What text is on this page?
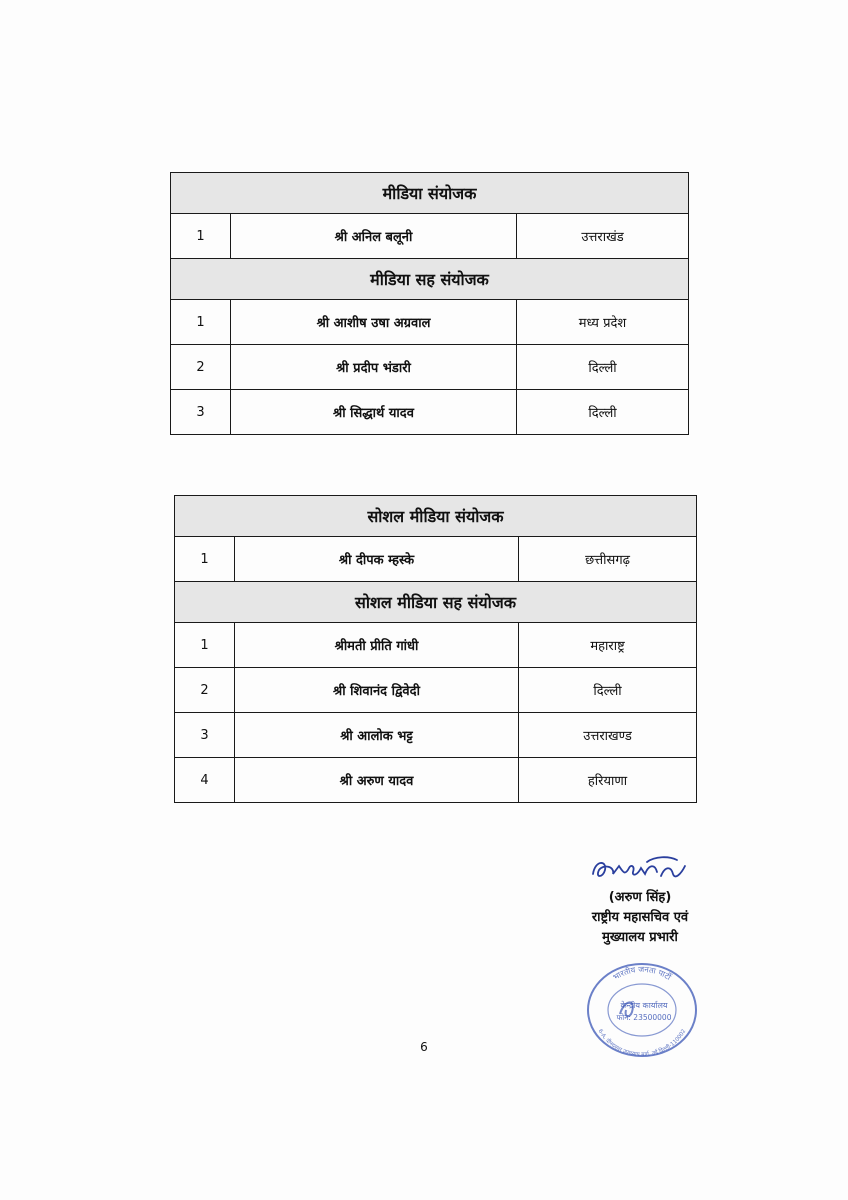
मीडिया संयोजक		
1	श्री अनिल बलूनी	उत्तराखंड
मीडिया सह संयोजक		
1	श्री आशीष उषा अग्रवाल	मध्य प्रदेश
2	श्री प्रदीप भंडारी	दिल्ली
3	श्री सिद्धार्थ यादव	दिल्ली
सोशल मीडिया संयोजक		
1	श्री दीपक म्हस्के	छत्तीसगढ़
सोशल मीडिया सह संयोजक		
1	श्रीमती प्रीति गांधी	महाराष्ट्र
2	श्री शिवानंद द्विवेदी	दिल्ली
3	श्री आलोक भट्ट	उत्तराखण्ड
4	श्री अरुण यादव	हरियाणा
(अरुण सिंह)
राष्ट्रीय महासचिव एवं
मुख्यालय प्रभारी
भारतीय जनता पार्टी
6-A, दीनदयाल उपाध्याय मार्ग, नई दिल्ली-110002
केन्द्रीय कार्यालय
फोन: 23500000
6
